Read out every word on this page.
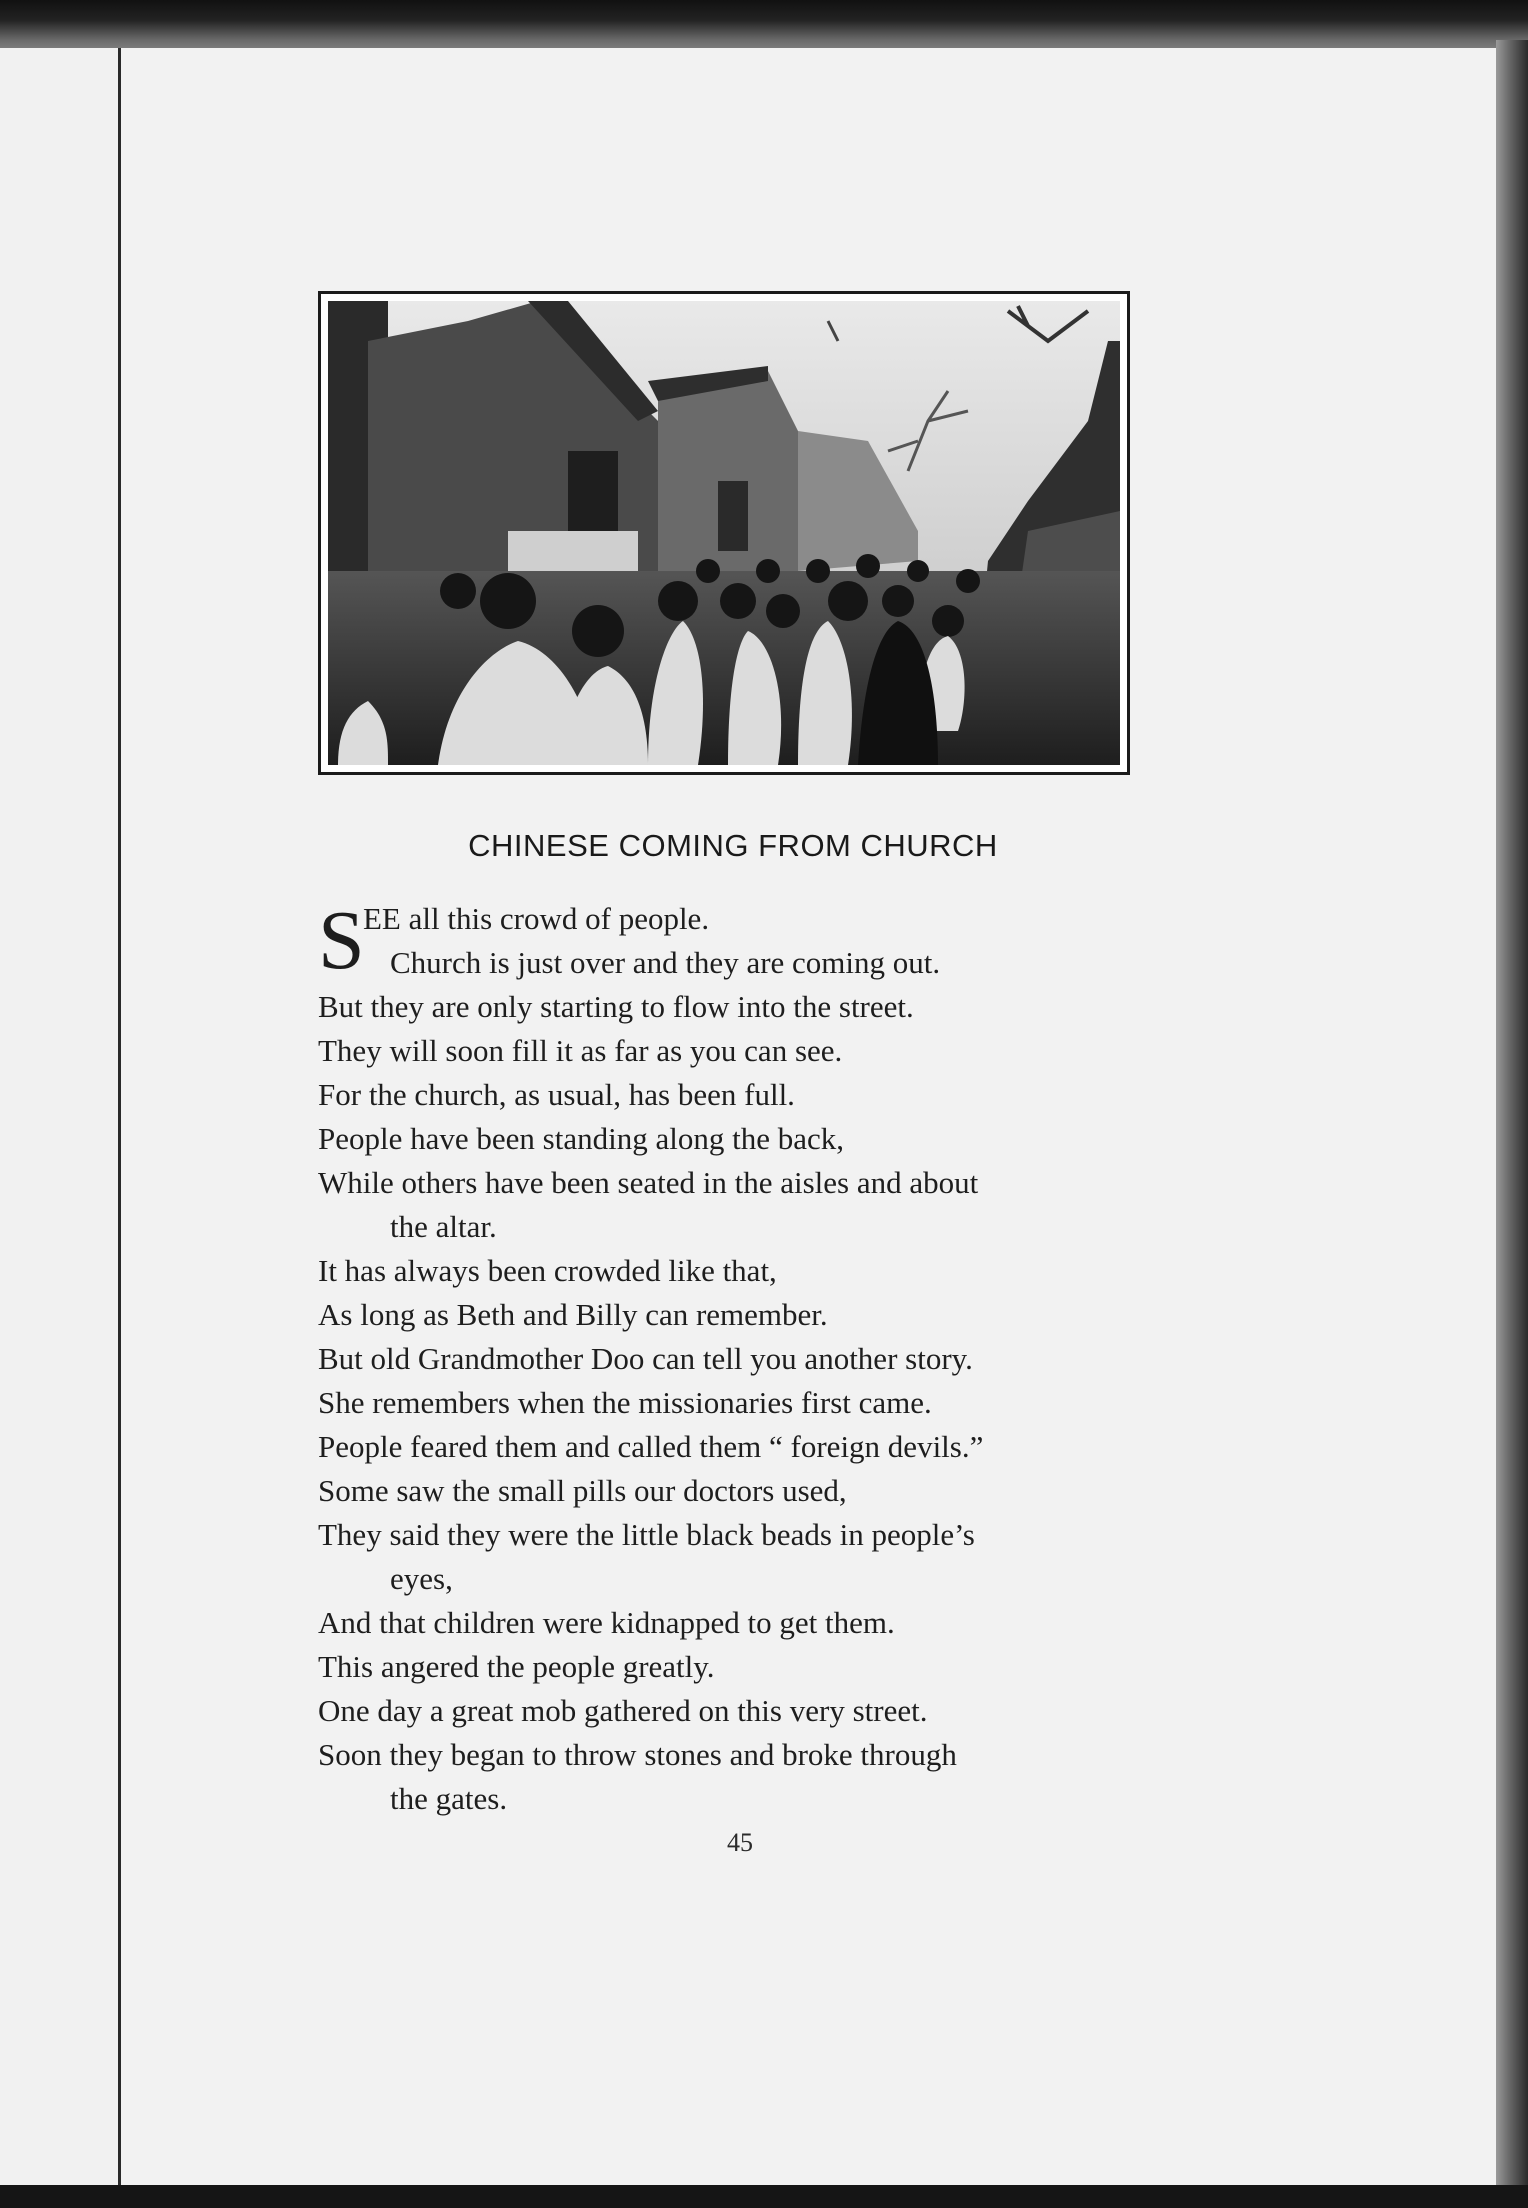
CHINESE COMING FROM CHURCH
S
EE all this crowd of people.
Church is just over and they are coming out.
But they are only starting to flow into the street.
They will soon fill it as far as you can see.
For the church, as usual, has been full.
People have been standing along the back,
While others have been seated in the aisles and about
the altar.
It has always been crowded like that,
As long as Beth and Billy can remember.
But old Grandmother Doo can tell you another story.
She remembers when the missionaries first came.
People feared them and called them “ foreign devils.”
Some saw the small pills our doctors used,
They said they were the little black beads in people’s
eyes,
And that children were kidnapped to get them.
This angered the people greatly.
One day a great mob gathered on this very street.
Soon they began to throw stones and broke through
the gates.
45
